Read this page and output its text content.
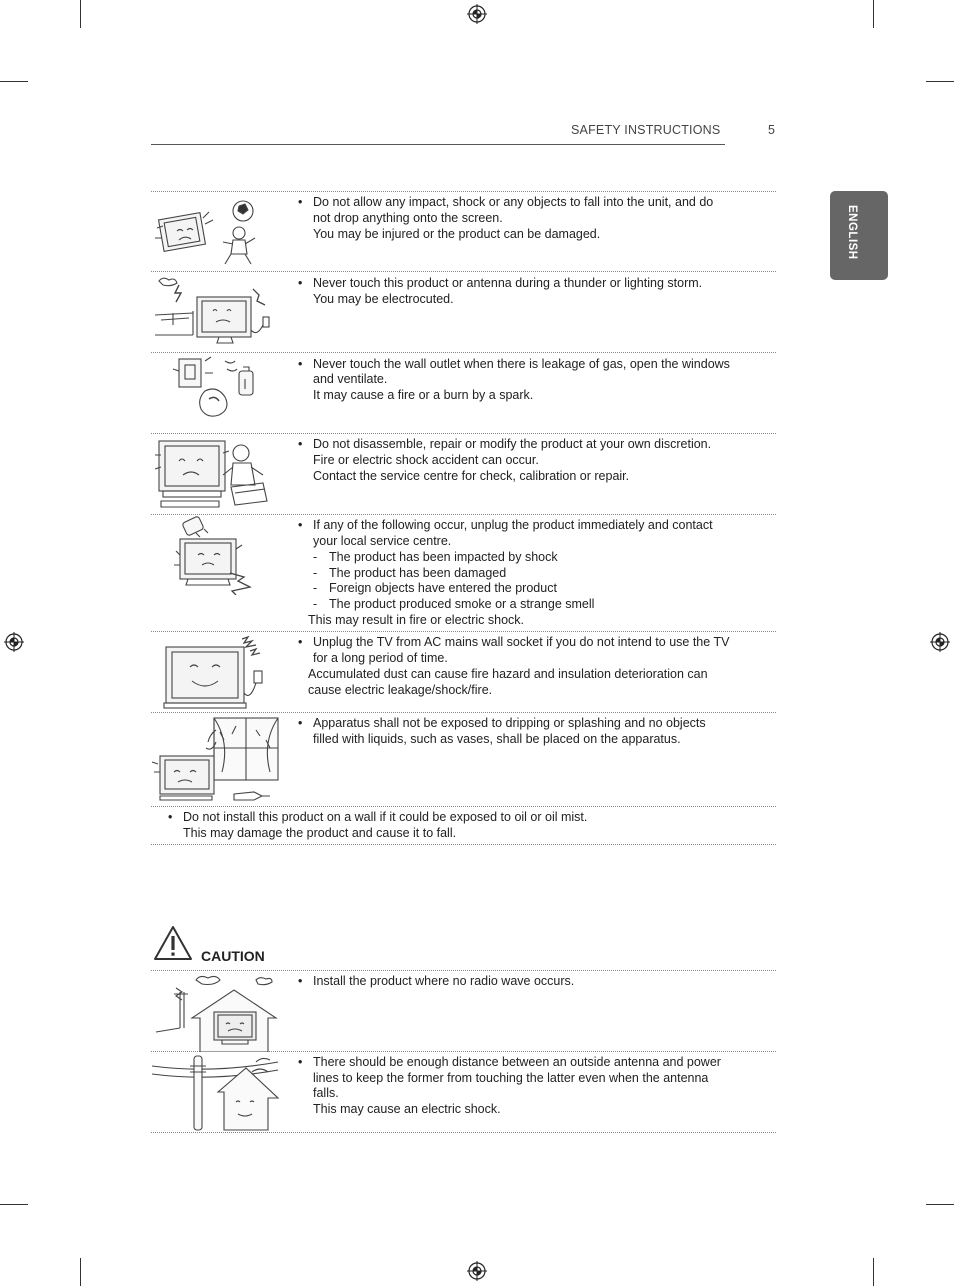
SAFETY INSTRUCTIONS	5
ENGLISH
• Do not allow any impact, shock or any objects to fall into the unit, and do
not drop anything onto the screen.
You may be injured or the product can be damaged.
• Never touch this product or antenna during a thunder or lighting storm.
You may be electrocuted.
• Never touch the wall outlet when there is leakage of gas, open the windows
and ventilate.
It may cause a fire or a burn by a spark.
• Do not disassemble, repair or modify the product at your own discretion.
Fire or electric shock accident can occur.
Contact the service centre for check, calibration or repair.
• If any of the following occur, unplug the product immediately and contact
your local service centre.
- The product has been impacted by shock
- The product has been damaged
- Foreign objects have entered the product
- The product produced smoke or a strange smell
This may result in fire or electric shock.
• Unplug the TV from AC mains wall socket if you do not intend to use the TV
for a long period of time.
Accumulated dust can cause fire hazard and insulation deterioration can
cause electric leakage/shock/fire.
• Apparatus shall not be exposed to dripping or splashing and no objects
filled with liquids, such as vases, shall be placed on the apparatus.
• Do not install this product on a wall if it could be exposed to oil or oil mist.
This may damage the product and cause it to fall.
CAUTION
• Install the product where no radio wave occurs.
• There should be enough distance between an outside antenna and power
lines to keep the former from touching the latter even when the antenna
falls.
This may cause an electric shock.
